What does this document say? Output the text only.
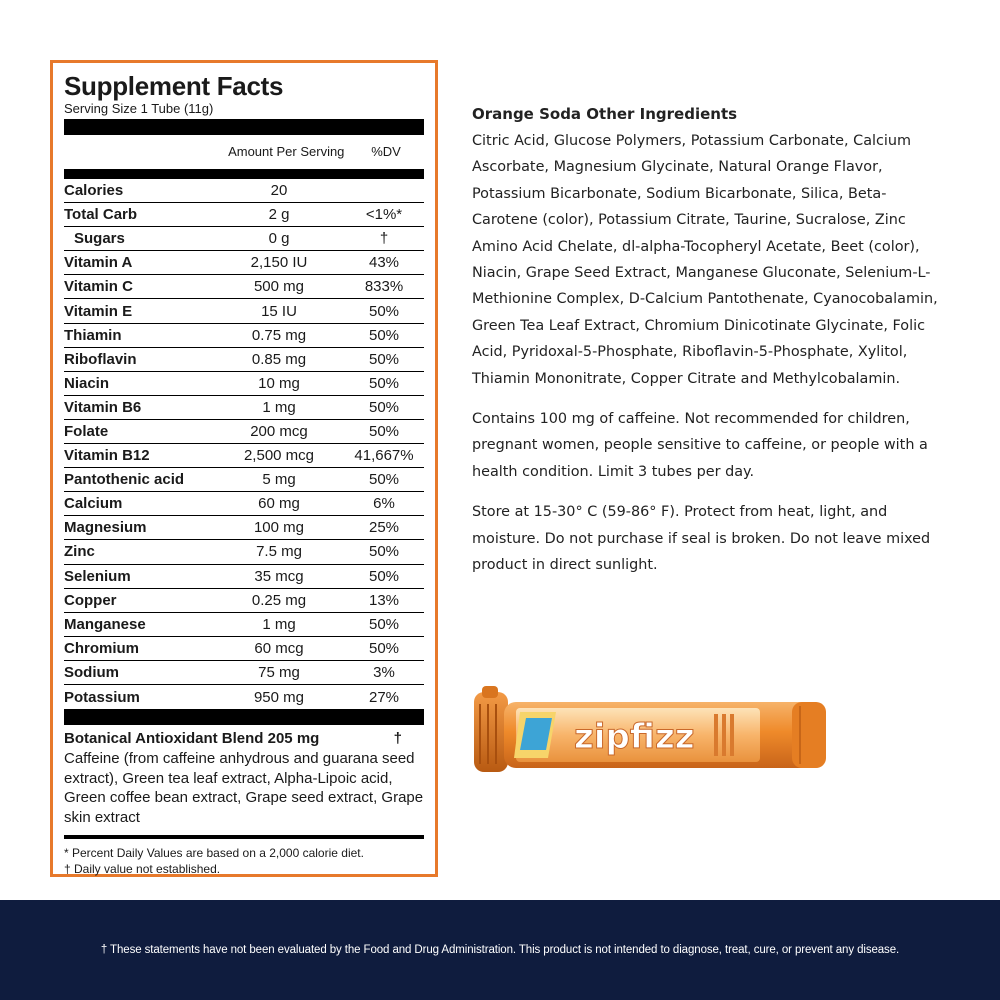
Supplement Facts
Serving Size 1 Tube (11g)
Amount Per Serving	%DV
Calories	20
Total Carb	2 g	<1%*
Sugars	0 g	†
Vitamin A	2,150 IU	43%
Vitamin C	500 mg	833%
Vitamin E	15 IU	50%
Thiamin	0.75 mg	50%
Riboflavin	0.85 mg	50%
Niacin	10 mg	50%
Vitamin B6	1 mg	50%
Folate	200 mcg	50%
Vitamin B12	2,500 mcg	41,667%
Pantothenic acid	5 mg	50%
Calcium	60 mg	6%
Magnesium	100 mg	25%
Zinc	7.5 mg	50%
Selenium	35 mcg	50%
Copper	0.25 mg	13%
Manganese	1 mg	50%
Chromium	60 mcg	50%
Sodium	75 mg	3%
Potassium	950 mg	27%
Botanical Antioxidant Blend 205 mg	†
Caffeine (from caffeine anhydrous and guarana seed extract), Green tea leaf extract, Alpha-Lipoic acid, Green coffee bean extract, Grape seed extract, Grape skin extract
* Percent Daily Values are based on a 2,000 calorie diet.
† Daily value not established.
Orange Soda Other Ingredients
Citric Acid, Glucose Polymers, Potassium Carbonate, Calcium Ascorbate, Magnesium Glycinate, Natural Orange Flavor, Potassium Bicarbonate, Sodium Bicarbonate, Silica, Beta-Carotene (color), Potassium Citrate, Taurine, Sucralose, Zinc Amino Acid Chelate, dl-alpha-Tocopheryl Acetate, Beet (color), Niacin, Grape Seed Extract, Manganese Gluconate, Selenium-L-Methionine Complex, D-Calcium Pantothenate, Cyanocobalamin, Green Tea Leaf Extract, Chromium Dinicotinate Glycinate, Folic Acid, Pyridoxal-5-Phosphate, Riboflavin-5-Phosphate, Xylitol, Thiamin Mononitrate, Copper Citrate and Methylcobalamin.
Contains 100 mg of caffeine. Not recommended for children, pregnant women, people sensitive to caffeine, or people with a health condition. Limit 3 tubes per day.
Store at 15-30° C (59-86° F). Protect from heat, light, and moisture. Do not purchase if seal is broken. Do not leave mixed product in direct sunlight.
zipfizz
† These statements have not been evaluated by the Food and Drug Administration. This product is not intended to diagnose, treat, cure, or prevent any disease.
